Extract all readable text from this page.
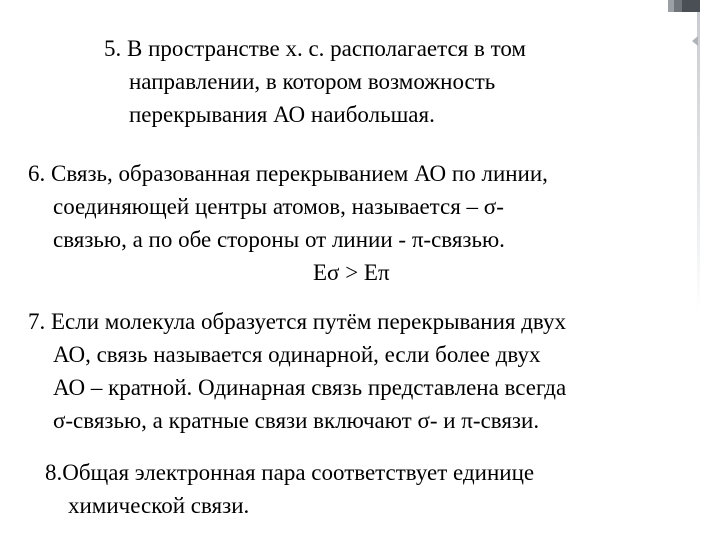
5. В пространстве х. с. располагается в том
направлении, в котором возможность
перекрывания АО наибольшая.
6. Связь, образованная перекрыванием АО по линии,
соединяющей центры атомов, называется – σ-
связью, а по обе стороны от линии - π-связью.
Eσ > Eπ
7. Если молекула образуется путём перекрывания двух
АО, связь называется одинарной, если более двух
АО – кратной. Одинарная связь представлена всегда
σ-связью, а кратные связи включают σ- и π-связи.
8.Общая электронная пара соответствует единице
химической связи.
